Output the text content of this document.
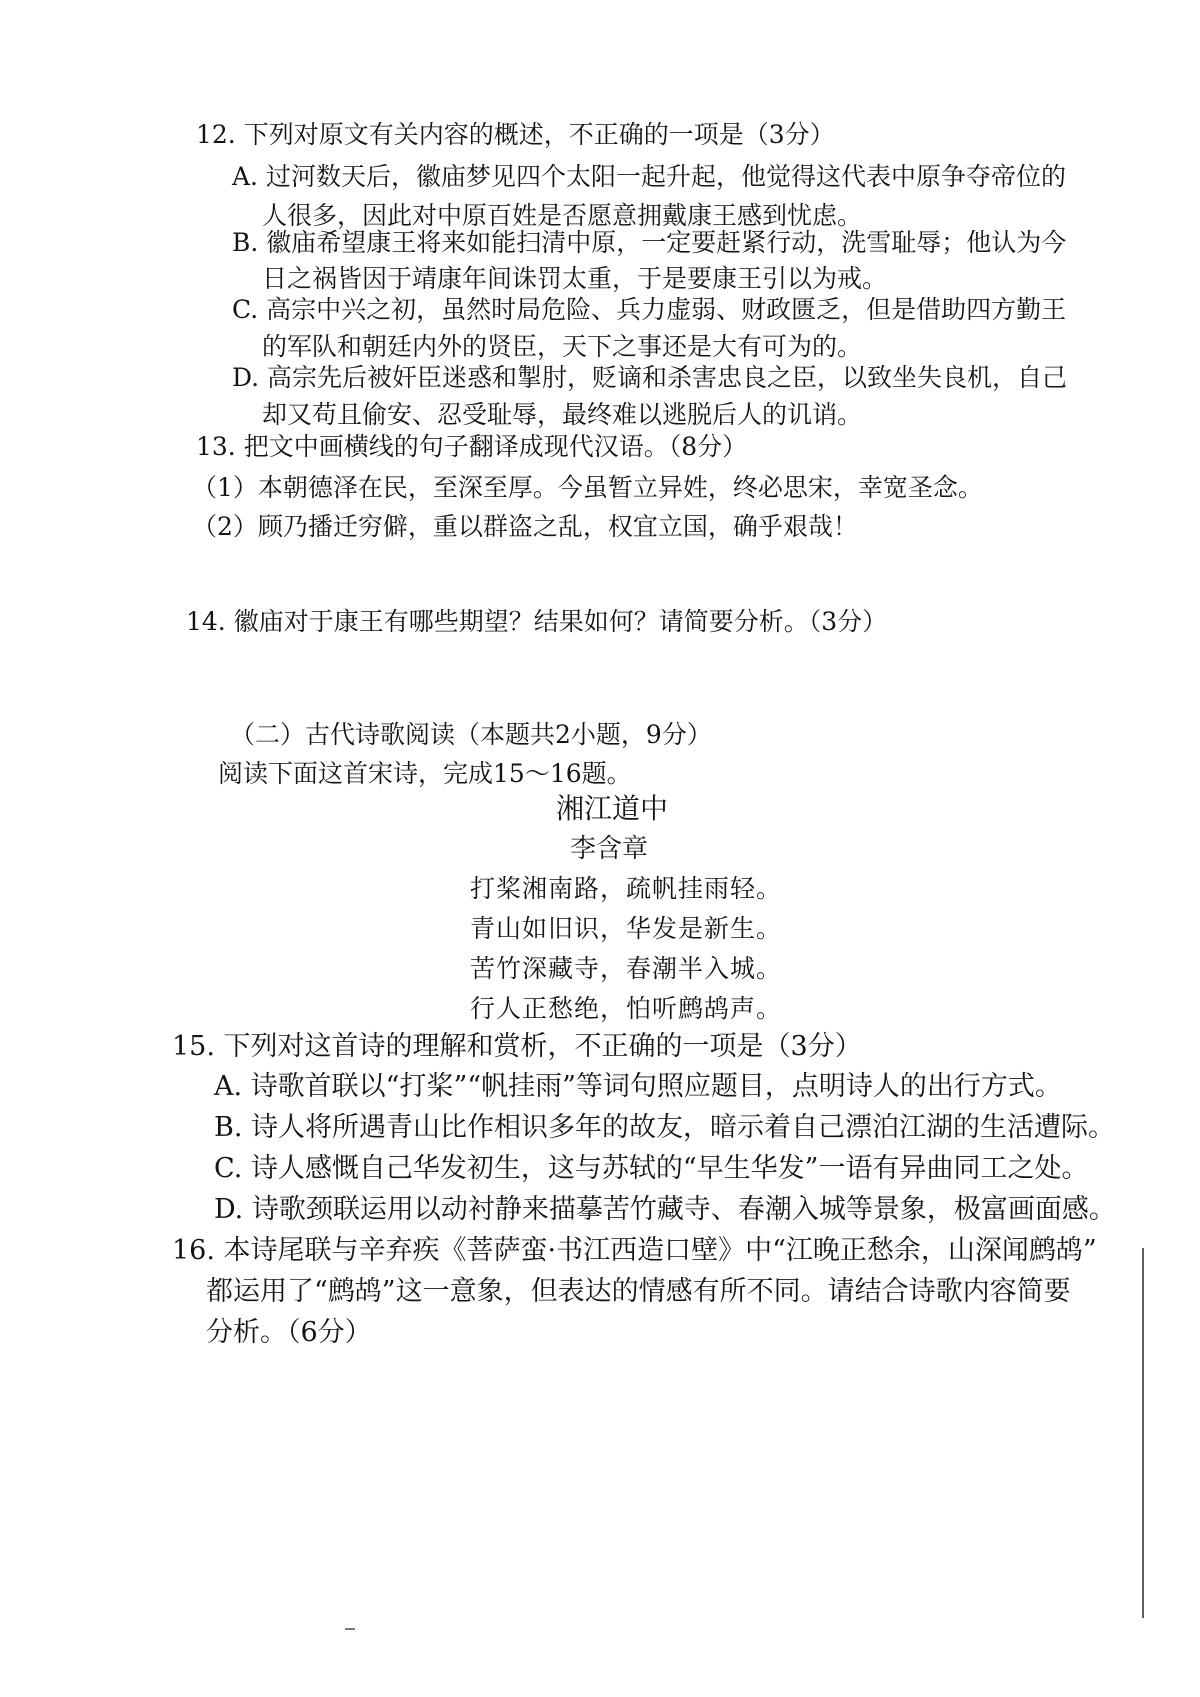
12. 下列对原文有关内容的概述，不正确的一项是（3分）
A. 过河数天后，徽庙梦见四个太阳一起升起，他觉得这代表中原争夺帝位的
人很多，因此对中原百姓是否愿意拥戴康王感到忧虑。
B. 徽庙希望康王将来如能扫清中原，一定要赶紧行动，洗雪耻辱；他认为今
日之祸皆因于靖康年间诛罚太重，于是要康王引以为戒。
C. 高宗中兴之初，虽然时局危险、兵力虚弱、财政匮乏，但是借助四方勤王
的军队和朝廷内外的贤臣，天下之事还是大有可为的。
D. 高宗先后被奸臣迷惑和掣肘，贬谪和杀害忠良之臣，以致坐失良机，自己
却又苟且偷安、忍受耻辱，最终难以逃脱后人的讥诮。
13. 把文中画横线的句子翻译成现代汉语。（8分）
（1）本朝德泽在民，至深至厚。今虽暂立异姓，终必思宋，幸宽圣念。
（2）顾乃播迁穷僻，重以群盗之乱，权宜立国，确乎艰哉！
14. 徽庙对于康王有哪些期望？结果如何？请简要分析。（3分）
（二）古代诗歌阅读（本题共2小题，9分）
阅读下面这首宋诗，完成15～16题。
湘江道中
李含章
打桨湘南路，疏帆挂雨轻。
青山如旧识，华发是新生。
苦竹深藏寺，春潮半入城。
行人正愁绝，怕听鹧鸪声。
15. 下列对这首诗的理解和赏析，不正确的一项是（3分）
A. 诗歌首联以“打桨”“帆挂雨”等词句照应题目，点明诗人的出行方式。
B. 诗人将所遇青山比作相识多年的故友，暗示着自己漂泊江湖的生活遭际。
C. 诗人感慨自己华发初生，这与苏轼的“早生华发”一语有异曲同工之处。
D. 诗歌颈联运用以动衬静来描摹苦竹藏寺、春潮入城等景象，极富画面感。
16. 本诗尾联与辛弃疾《菩萨蛮·书江西造口壁》中“江晚正愁余，山深闻鹧鸪”
都运用了“鹧鸪”这一意象，但表达的情感有所不同。请结合诗歌内容简要
分析。（6分）
